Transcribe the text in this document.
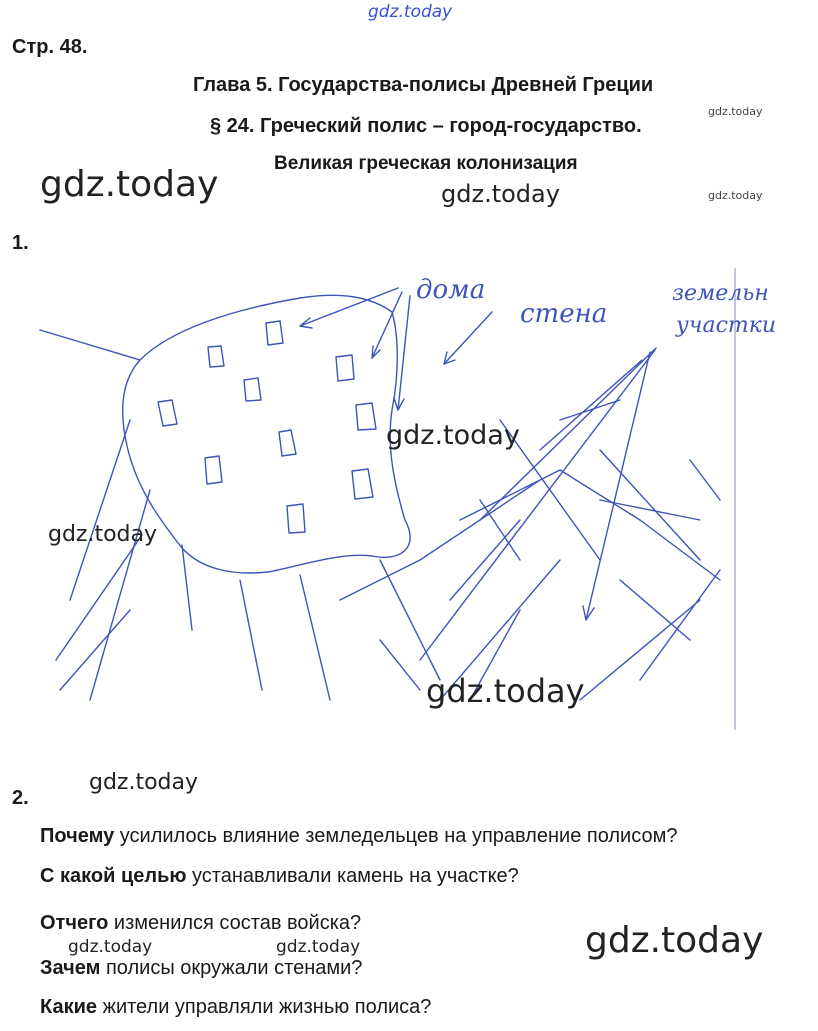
gdz.today
Стр. 48.
Глава 5. Государства-полисы Древней Греции
§ 24. Греческий полис – город-государство.
Великая греческая колонизация
gdz.today
gdz.today
gdz.today	gdz.today
1.
дома
стена
земельн
участки
gdz.today
gdz.today
gdz.today
gdz.today
2.
Почему усилилось влияние земледельцев на управление полисом?
С какой целью устанавливали камень на участке?
Отчего изменился состав войска?
Зачем полисы окружали стенами?
Какие жители управляли жизнью полиса?
gdz.today	gdz.today	gdz.today
